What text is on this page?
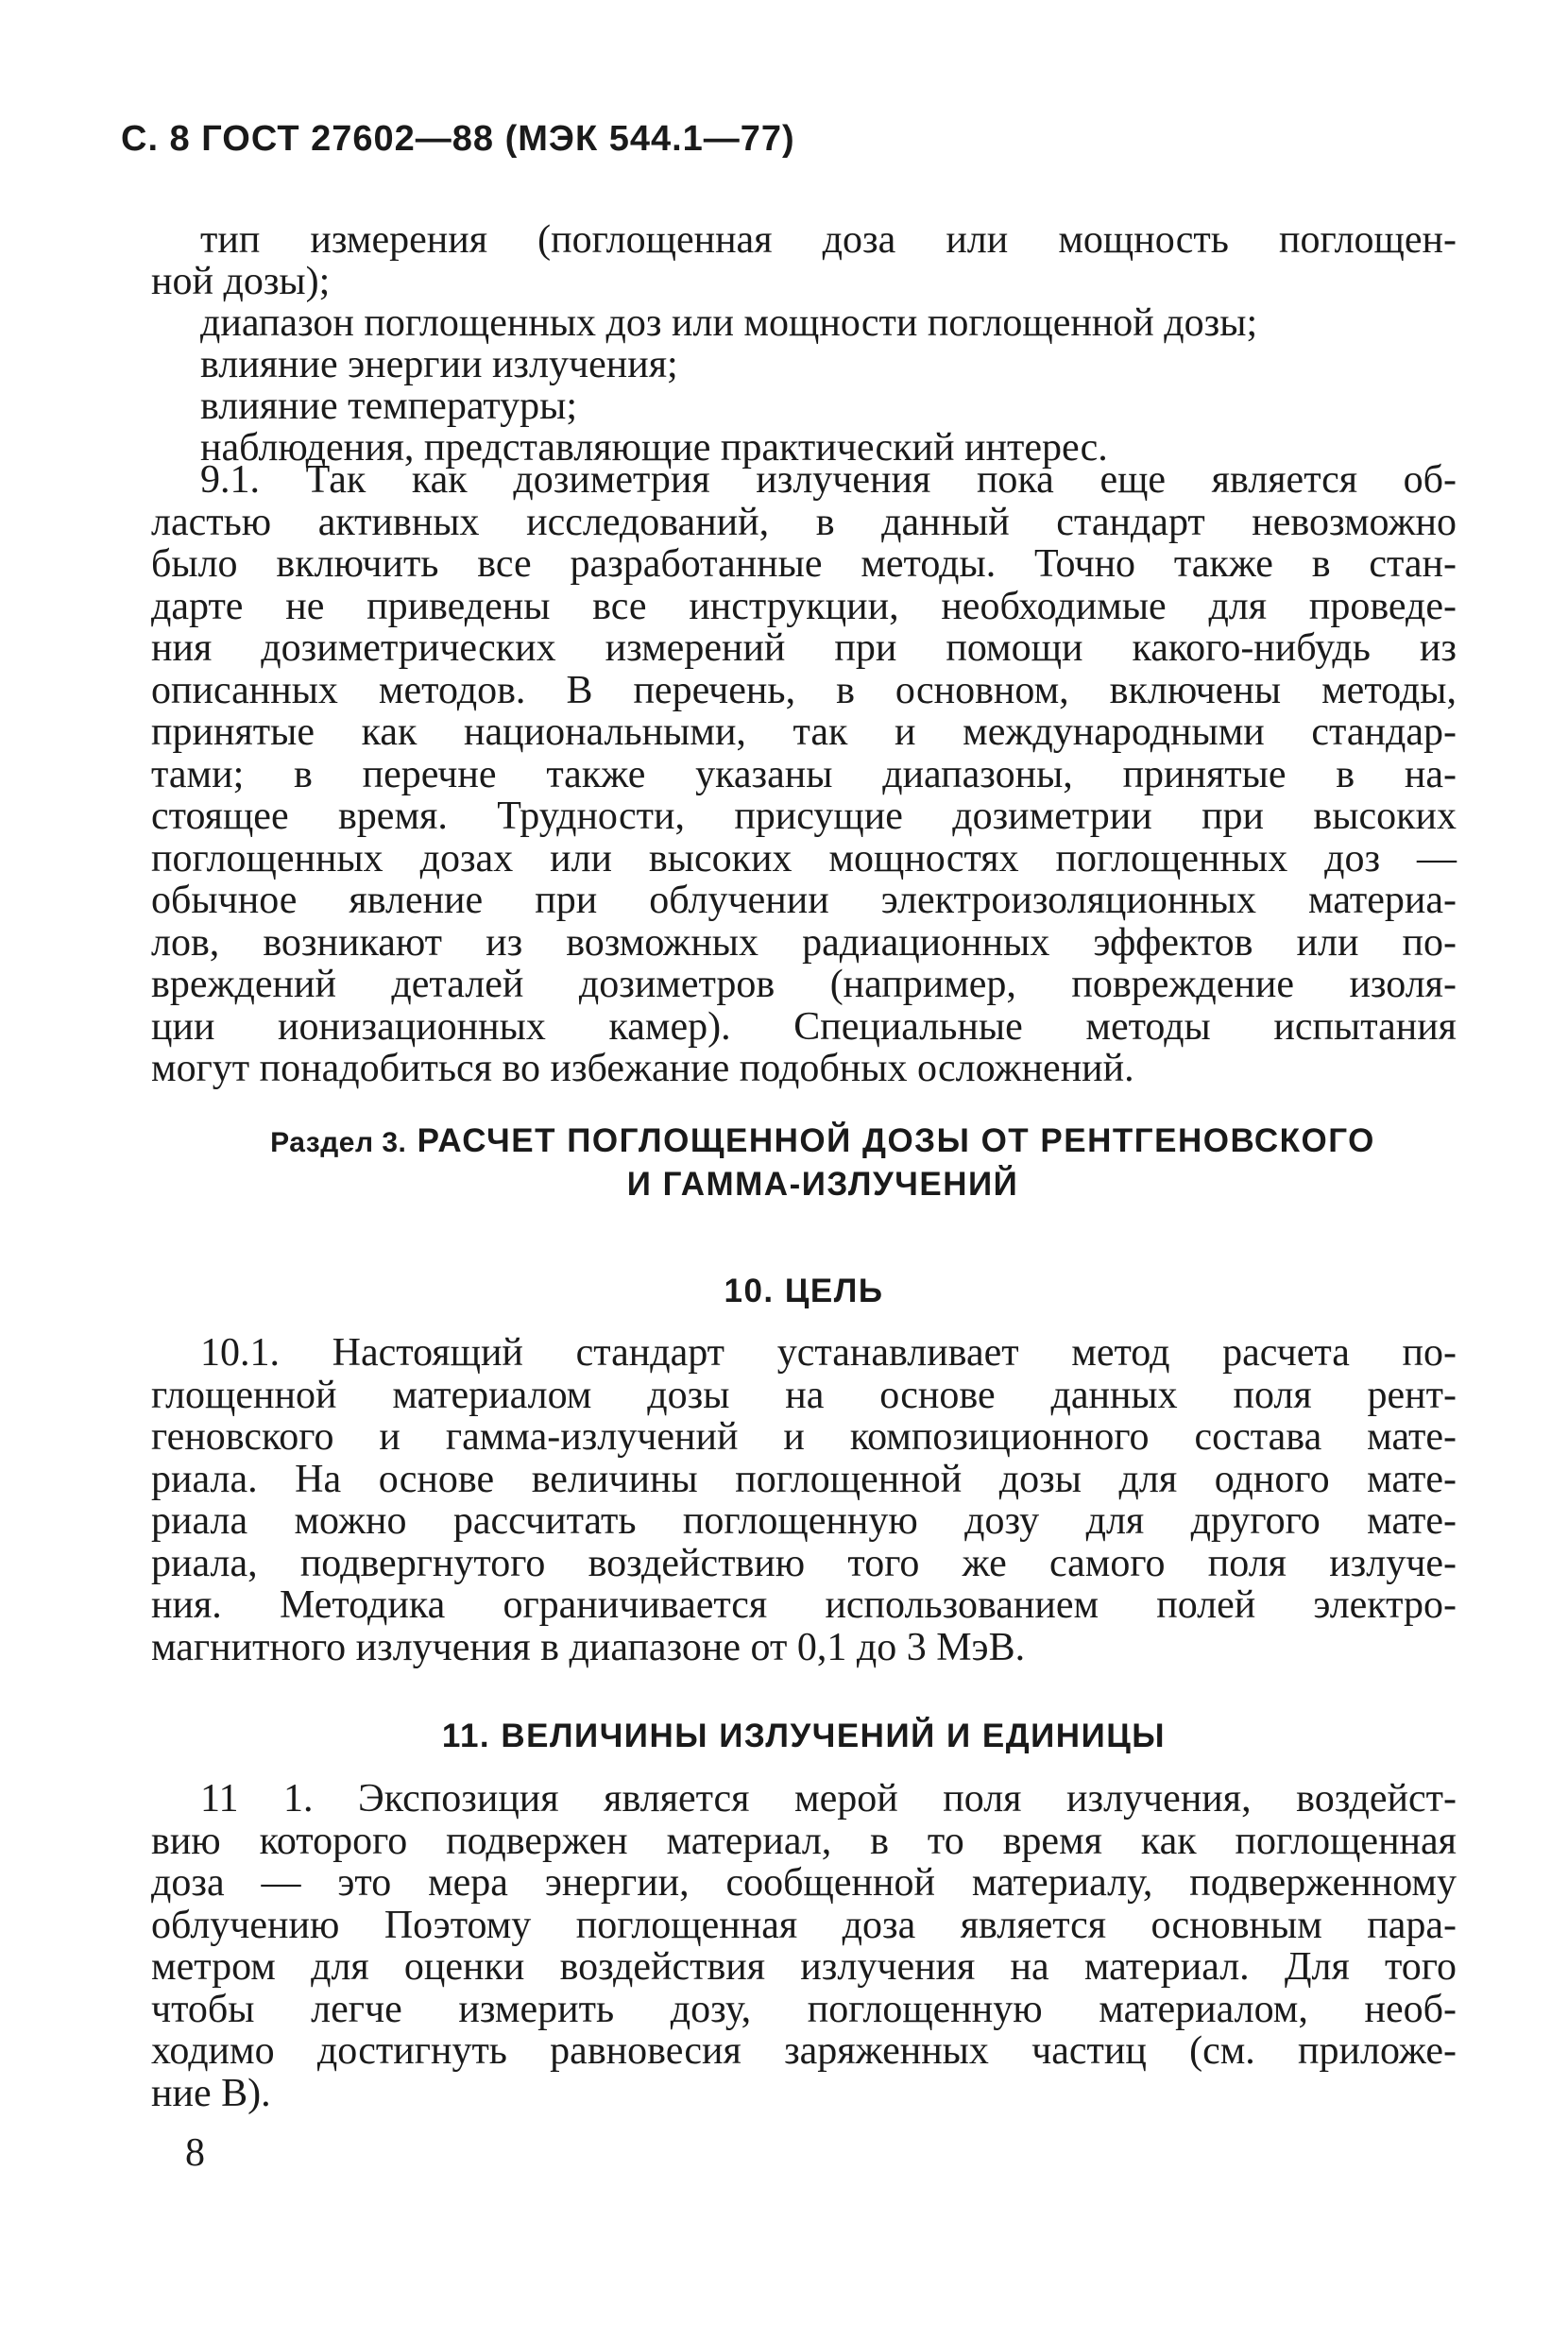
С. 8 ГОСТ 27602—88 (МЭК 544.1—77)
тип измерения (поглощенная доза или мощность поглощен-
ной дозы);
диапазон поглощенных доз или мощности поглощенной дозы;
влияние энергии излучения;
влияние температуры;
наблюдения, представляющие практический интерес.
9.1. Так как дозиметрия излучения пока еще является об-
ластью активных исследований, в данный стандарт невозможно
было включить все разработанные методы. Точно также в стан-
дарте не приведены все инструкции, необходимые для проведе-
ния дозиметрических измерений при помощи какого-нибудь из
описанных методов. В перечень, в основном, включены методы,
принятые как национальными, так и международными стандар-
тами; в перечне также указаны диапазоны, принятые в на-
стоящее время. Трудности, присущие дозиметрии при высоких
поглощенных дозах или высоких мощностях поглощенных доз —
обычное явление при облучении электроизоляционных материа-
лов, возникают из возможных радиационных эффектов или по-
вреждений деталей дозиметров (например, повреждение изоля-
ции ионизационных камер). Специальные методы испытания
могут понадобиться во избежание подобных осложнений.
Раздел 3. РАСЧЕТ ПОГЛОЩЕННОЙ ДОЗЫ ОТ РЕНТГЕНОВСКОГО
И ГАММА-ИЗЛУЧЕНИЙ
10. ЦЕЛЬ
10.1. Настоящий стандарт устанавливает метод расчета по-
глощенной материалом дозы на основе данных поля рент-
геновского и гамма-излучений и композиционного состава мате-
риала. На основе величины поглощенной дозы для одного мате-
риала можно рассчитать поглощенную дозу для другого мате-
риала, подвергнутого воздействию того же самого поля излуче-
ния. Методика ограничивается использованием полей электро-
магнитного излучения в диапазоне от 0,1 до 3 МэВ.
11. ВЕЛИЧИНЫ ИЗЛУЧЕНИЙ И ЕДИНИЦЫ
11 1. Экспозиция является мерой поля излучения, воздейст-
вию которого подвержен материал, в то время как поглощенная
доза — это мера энергии, сообщенной материалу, подверженному
облучению Поэтому поглощенная доза является основным пара-
метром для оценки воздействия излучения на материал. Для того
чтобы легче измерить дозу, поглощенную материалом, необ-
ходимо достигнуть равновесия заряженных частиц (см. приложе-
ние В).
8
